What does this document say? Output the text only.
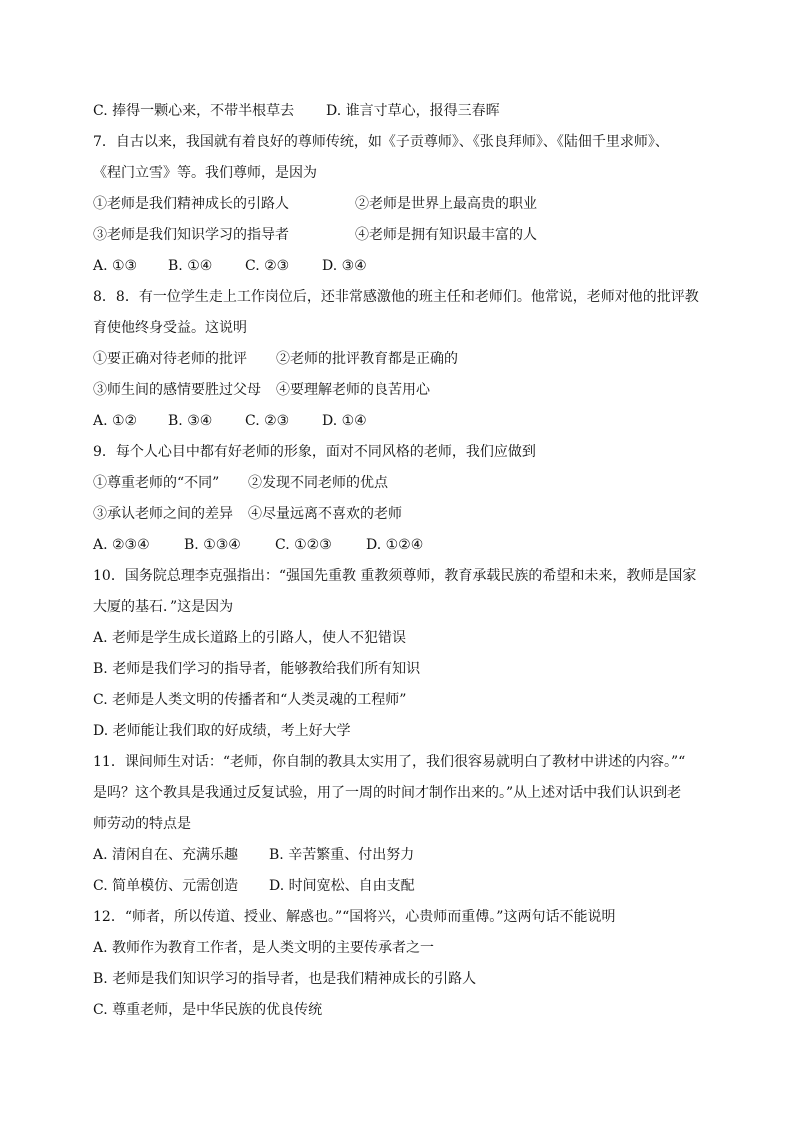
C. 捧得一颗心来，不带半根草去 D. 谁言寸草心，报得三春晖
7．自古以来，我国就有着良好的尊师传统，如《子贡尊师》、《张良拜师》、《陆佃千里求师》、
《程门立雪》等。我们尊师，是因为
①老师是我们精神成长的引路人	②老师是世界上最高贵的职业
③老师是我们知识学习的指导者	④老师是拥有知识最丰富的人
A. ①③ B. ①④ C. ②③ D. ③④
8．8．有一位学生走上工作岗位后，还非常感激他的班主任和老师们。他常说，老师对他的批评教
育使他终身受益。这说明
①要正确对待老师的批评 ②老师的批评教育都是正确的
③师生间的感情要胜过父母 ④要理解老师的良苦用心
A. ①② B. ③④ C. ②③ D. ①④
9．每个人心目中都有好老师的形象，面对不同风格的老师，我们应做到
①尊重老师的“不同” ②发现不同老师的优点
③承认老师之间的差异 ④尽量远离不喜欢的老师
A. ②③④ B. ①③④ C. ①②③ D. ①②④
10．国务院总理李克强指出：“强国先重教 重教须尊师，教育承载民族的希望和未来，教师是国家
大厦的基石．”这是因为
A. 老师是学生成长道路上的引路人，使人不犯错误
B. 老师是我们学习的指导者，能够教给我们所有知识
C. 老师是人类文明的传播者和“人类灵魂的工程师”
D. 老师能让我们取的好成绩，考上好大学
11．课间师生对话：“老师，你自制的教具太实用了，我们很容易就明白了教材中讲述的内容。”“
是吗？这个教具是我通过反复试验，用了一周的时间才制作出来的。”从上述对话中我们认识到老
师劳动的特点是
A. 清闲自在、充满乐趣 B. 辛苦繁重、付出努力
C. 简单模仿、元需创造 D. 时间宽松、自由支配
12．“师者，所以传道、授业、解惑也。”“国将兴，心贵师而重傅。”这两句话不能说明
A. 教师作为教育工作者，是人类文明的主要传承者之一
B. 老师是我们知识学习的指导者，也是我们精神成长的引路人
C. 尊重老师，是中华民族的优良传统
